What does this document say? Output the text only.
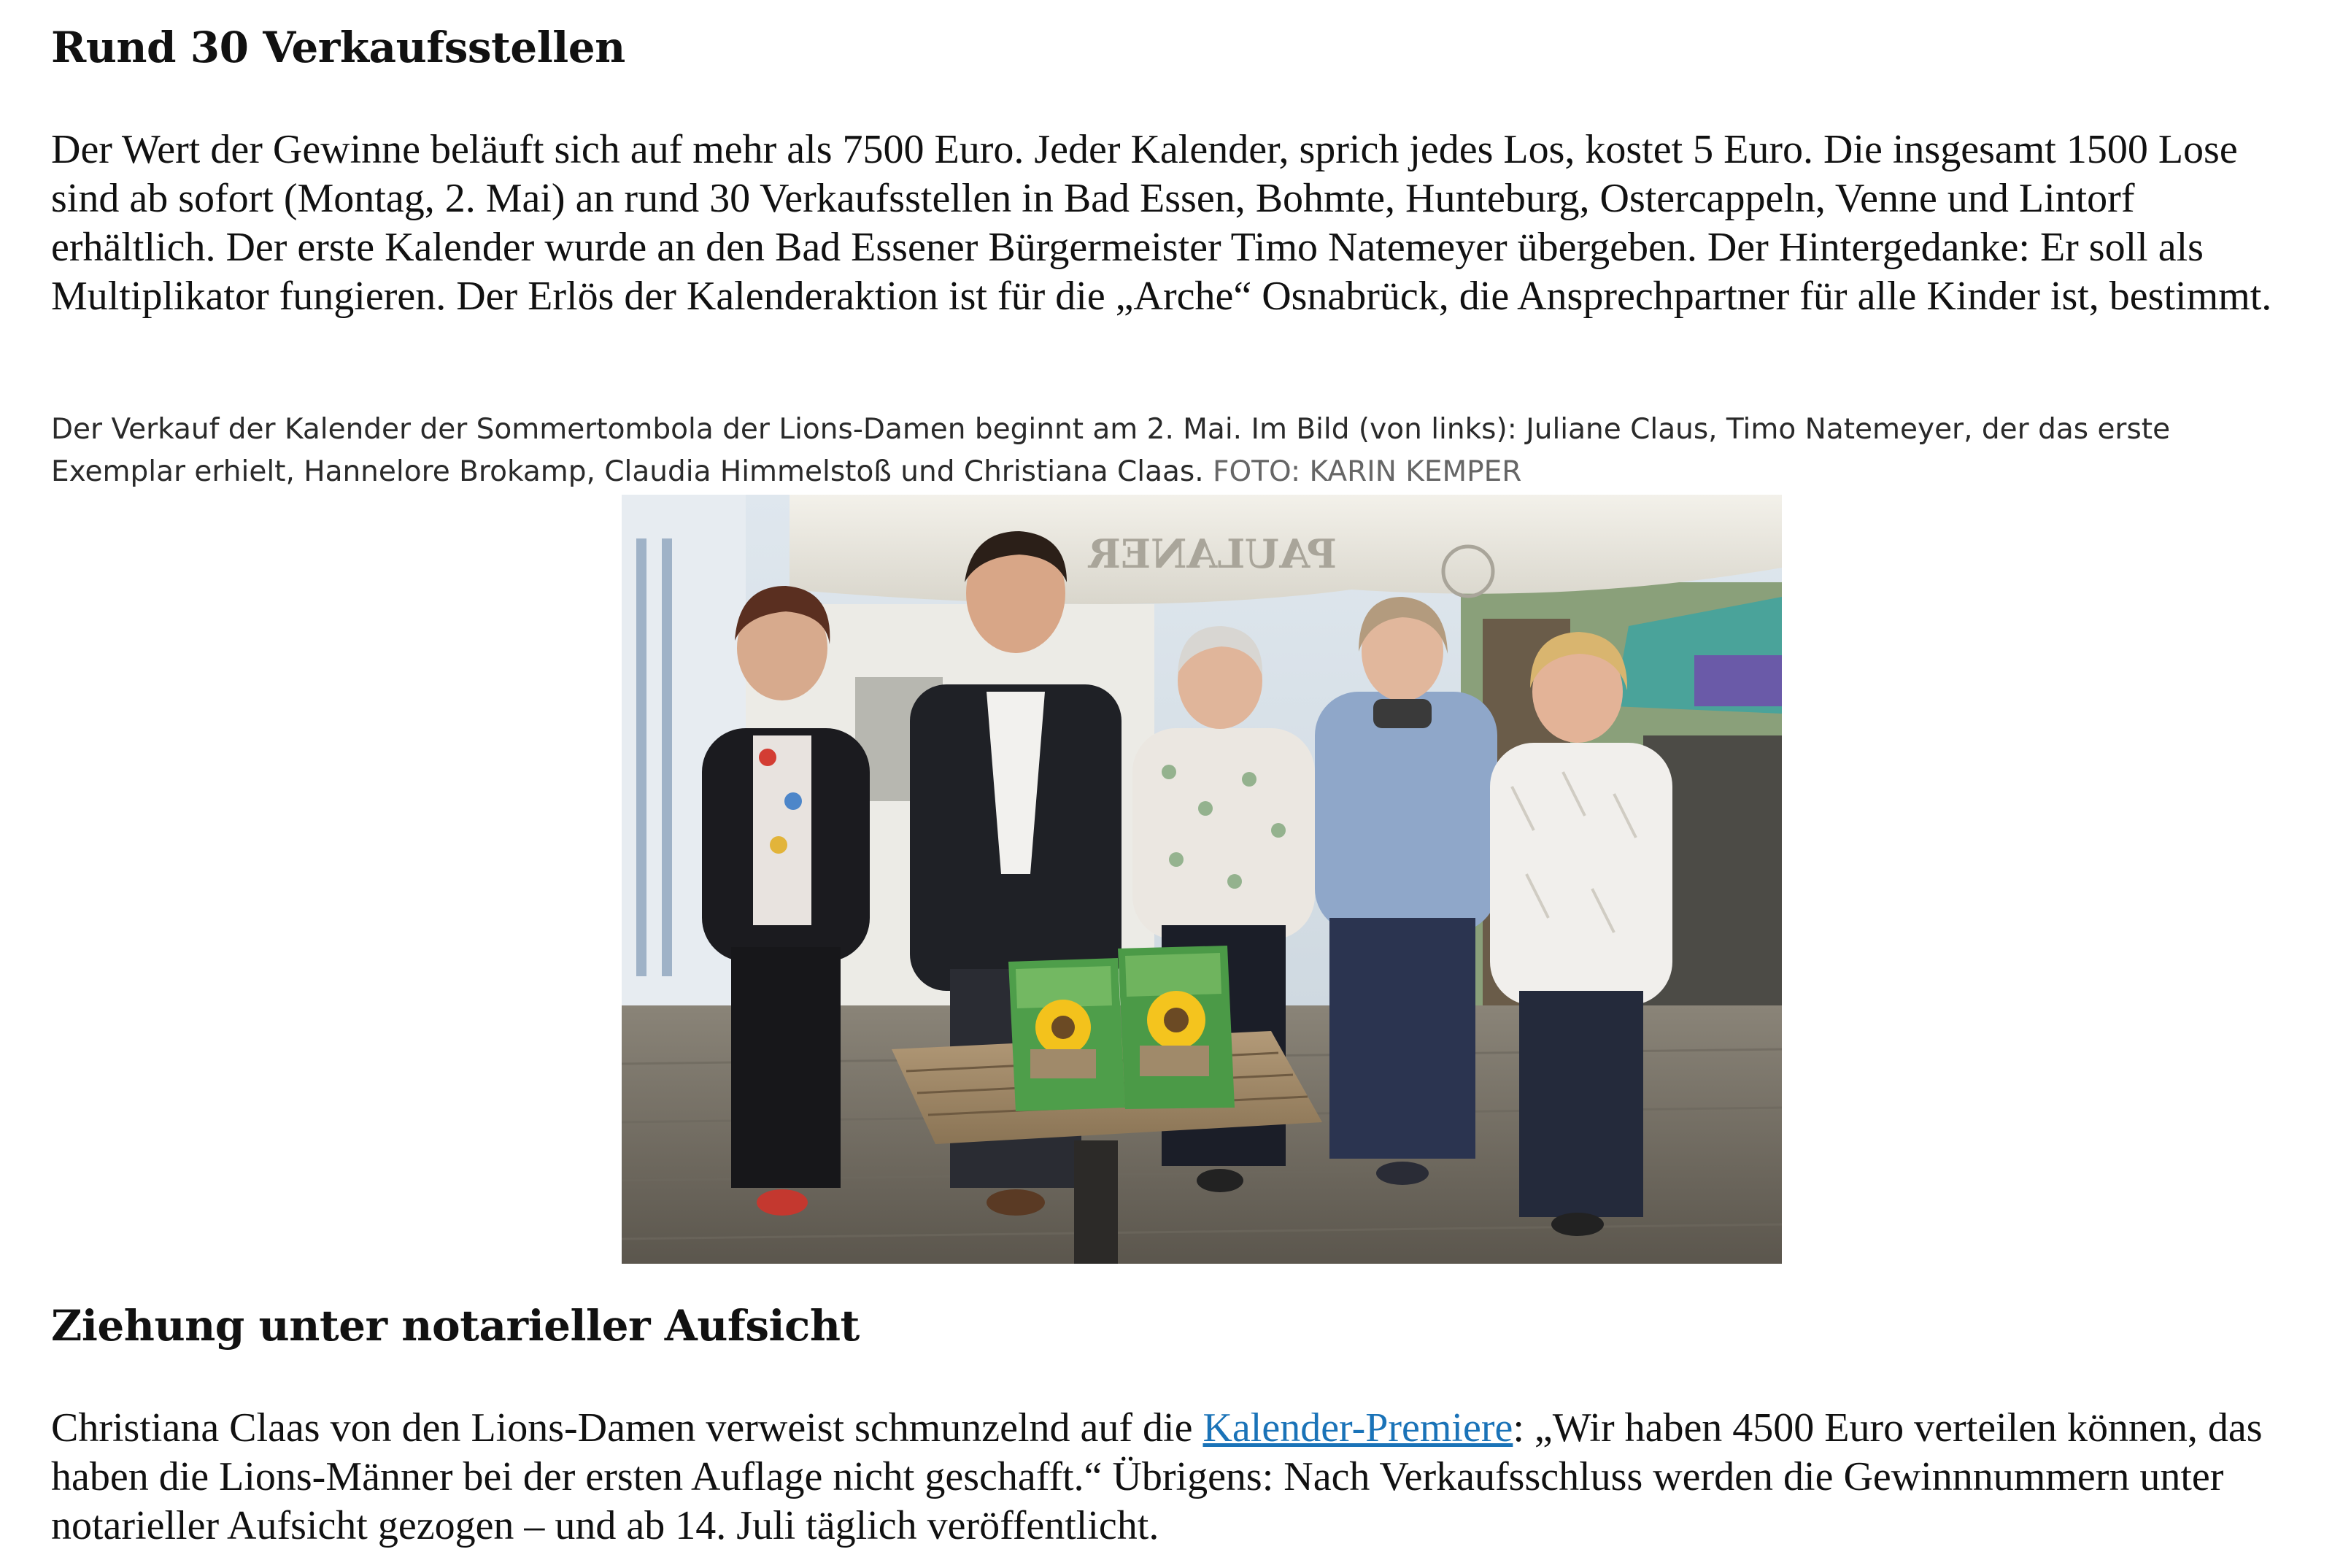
Rund 30 Verkaufsstellen

Der Wert der Gewinne beläuft sich auf mehr als 7500 Euro. Jeder Kalender, sprich jedes Los, kostet 5 Euro. Die insgesamt 1500 Lose sind ab sofort (Montag, 2. Mai) an rund 30 Verkaufsstellen in Bad Essen, Bohmte, Hunteburg, Ostercappeln, Venne und Lintorf erhältlich. Der erste Kalender wurde an den Bad Essener Bürgermeister Timo Natemeyer übergeben. Der Hintergedanke: Er soll als Multiplikator fungieren. Der Erlös der Kalenderaktion ist für die „Arche“ Osnabrück, die Ansprechpartner für alle Kinder ist, bestimmt.

Der Verkauf der Kalender der Sommertombola der Lions-Damen beginnt am 2. Mai. Im Bild (von links): Juliane Claus, Timo Natemeyer, der das erste Exemplar erhielt, Hannelore Brokamp, Claudia Himmelstoß und Christiana Claas. FOTO: KARIN KEMPER
PAULANER
Ziehung unter notarieller Aufsicht

Christiana Claas von den Lions-Damen verweist schmunzelnd auf die Kalender-Premiere: „Wir haben 4500 Euro verteilen können, das haben die Lions-Männer bei der ersten Auflage nicht geschafft.“ Übrigens: Nach Verkaufsschluss werden die Gewinnnummern unter notarieller Aufsicht gezogen – und ab 14. Juli täglich veröffentlicht.
